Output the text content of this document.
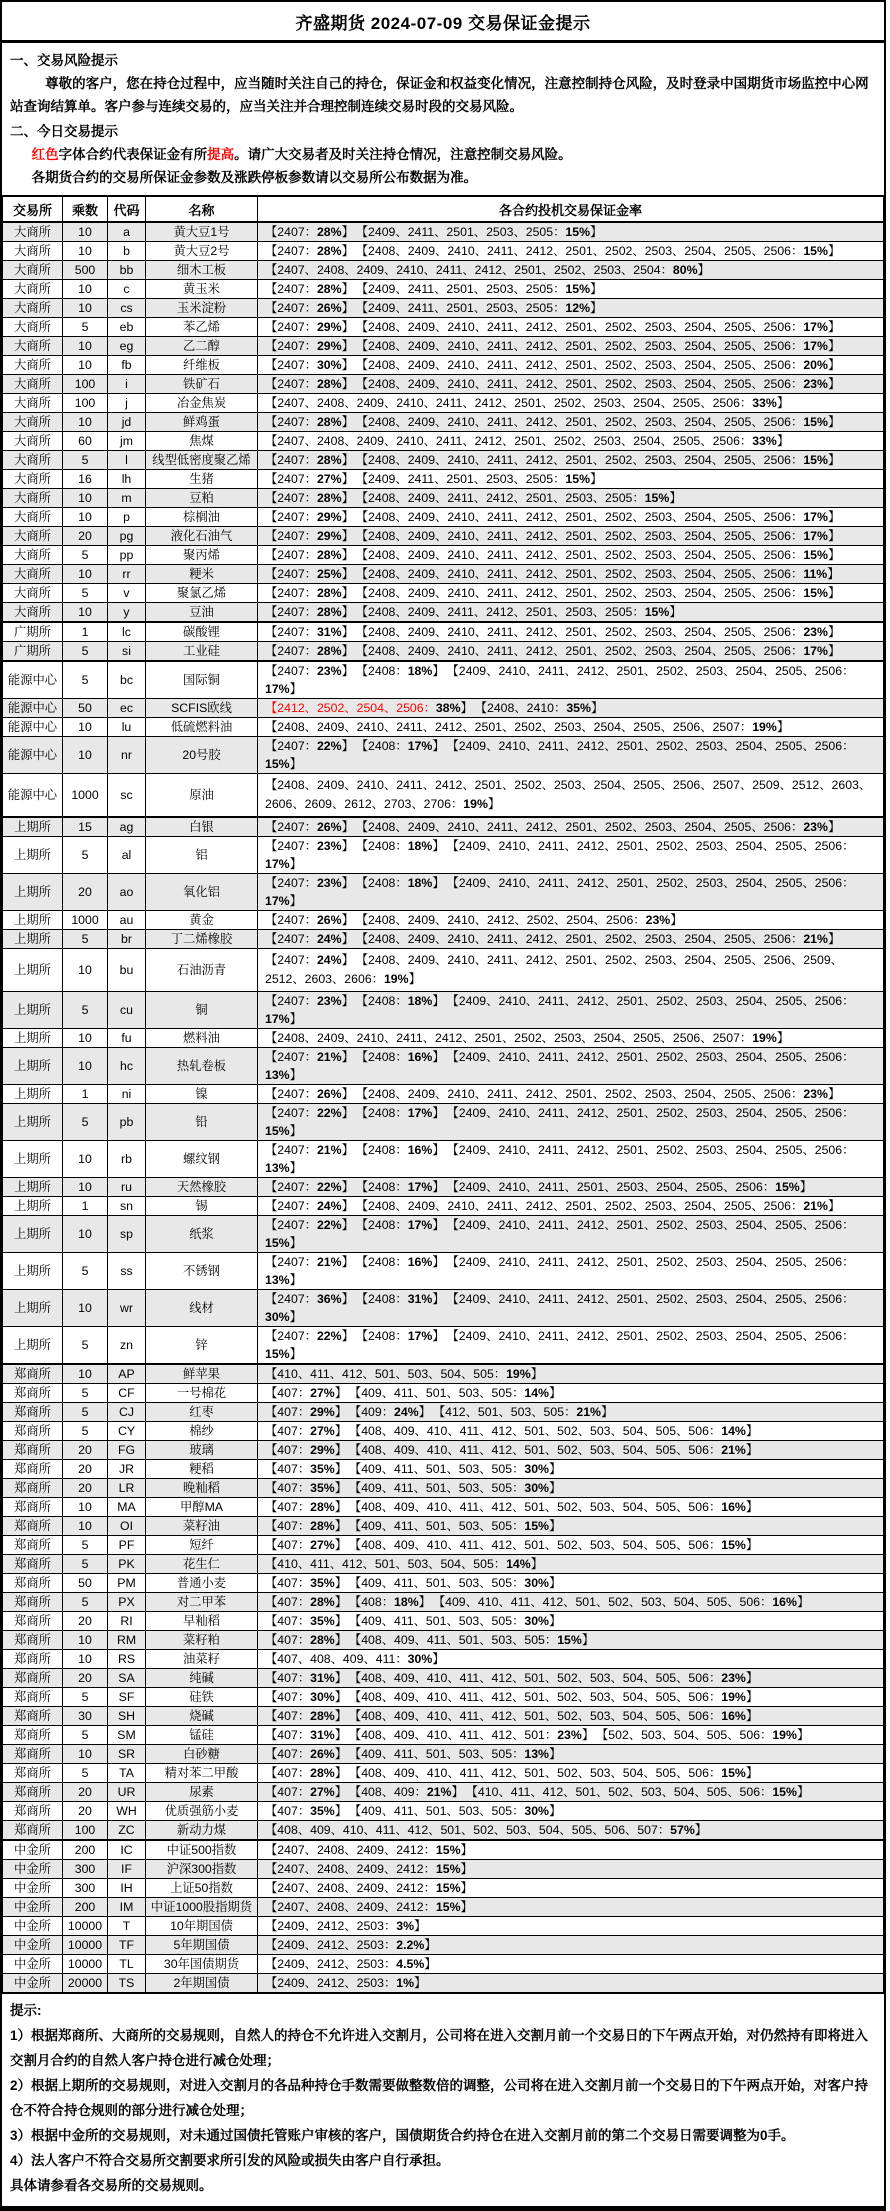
齐盛期货 2024-07-09 交易保证金提示

一、交易风险提示

尊敬的客户，您在持仓过程中，应当随时关注自己的持仓，保证金和权益变化情况，注意控制持仓风险，及时登录中国期货市场监控中心网站查询结算单。客户参与连续交易的，应当关注并合理控制连续交易时段的交易风险。

二、今日交易提示

红色字体合约代表保证金有所提高。请广大交易者及时关注持仓情况，注意控制交易风险。

各期货合约的交易所保证金参数及涨跌停板参数请以交易所公布数据为准。

交易所	乘数	代码	名称	各合约投机交易保证金率
大商所	10	a	黄大豆1号	【2407：28%】 【2409、2411、2501、2503、2505：15%】
大商所	10	b	黄大豆2号	【2407：28%】 【2408、2409、2410、2411、2412、2501、2502、2503、2504、2505、2506：15%】
大商所	500	bb	细木工板	【2407、2408、2409、2410、2411、2412、2501、2502、2503、2504：80%】
大商所	10	c	黄玉米	【2407：28%】 【2409、2411、2501、2503、2505：15%】
大商所	10	cs	玉米淀粉	【2407：26%】 【2409、2411、2501、2503、2505：12%】
大商所	5	eb	苯乙烯	【2407：29%】 【2408、2409、2410、2411、2412、2501、2502、2503、2504、2505、2506：17%】
大商所	10	eg	乙二醇	【2407：29%】 【2408、2409、2410、2411、2412、2501、2502、2503、2504、2505、2506：17%】
大商所	10	fb	纤维板	【2407：30%】 【2408、2409、2410、2411、2412、2501、2502、2503、2504、2505、2506：20%】
大商所	100	i	铁矿石	【2407：28%】 【2408、2409、2410、2411、2412、2501、2502、2503、2504、2505、2506：23%】
大商所	100	j	冶金焦炭	【2407、2408、2409、2410、2411、2412、2501、2502、2503、2504、2505、2506：33%】
大商所	10	jd	鲜鸡蛋	【2407：28%】 【2408、2409、2410、2411、2412、2501、2502、2503、2504、2505、2506：15%】
大商所	60	jm	焦煤	【2407、2408、2409、2410、2411、2412、2501、2502、2503、2504、2505、2506：33%】
大商所	5	l	线型低密度聚乙烯	【2407：28%】 【2408、2409、2410、2411、2412、2501、2502、2503、2504、2505、2506：15%】
大商所	16	lh	生猪	【2407：27%】 【2409、2411、2501、2503、2505：15%】
大商所	10	m	豆粕	【2407：28%】 【2408、2409、2411、2412、2501、2503、2505：15%】
大商所	10	p	棕榈油	【2407：29%】 【2408、2409、2410、2411、2412、2501、2502、2503、2504、2505、2506：17%】
大商所	20	pg	液化石油气	【2407：29%】 【2408、2409、2410、2411、2412、2501、2502、2503、2504、2505、2506：17%】
大商所	5	pp	聚丙烯	【2407：28%】 【2408、2409、2410、2411、2412、2501、2502、2503、2504、2505、2506：15%】
大商所	10	rr	粳米	【2407：25%】 【2408、2409、2410、2411、2412、2501、2502、2503、2504、2505、2506：11%】
大商所	5	v	聚氯乙烯	【2407：28%】 【2408、2409、2410、2411、2412、2501、2502、2503、2504、2505、2506：15%】
大商所	10	y	豆油	【2407：28%】 【2408、2409、2411、2412、2501、2503、2505：15%】
广期所	1	lc	碳酸锂	【2407：31%】 【2408、2409、2410、2411、2412、2501、2502、2503、2504、2505、2506：23%】
广期所	5	si	工业硅	【2407：28%】 【2408、2409、2410、2411、2412、2501、2502、2503、2504、2505、2506：17%】
能源中心	5	bc	国际铜	【2407：23%】 【2408：18%】 【2409、2410、2411、2412、2501、2502、2503、2504、2505、2506：17%】
能源中心	50	ec	SCFIS欧线	【2412、2502、2504、2506：38%】 【2408、2410：35%】
能源中心	10	lu	低硫燃料油	【2408、2409、2410、2411、2412、2501、2502、2503、2504、2505、2506、2507：19%】
能源中心	10	nr	20号胶	【2407：22%】 【2408：17%】 【2409、2410、2411、2412、2501、2502、2503、2504、2505、2506：15%】
能源中心	1000	sc	原油	【2408、2409、2410、2411、2412、2501、2502、2503、2504、2505、2506、2507、2509、2512、2603、2606、2609、2612、2703、2706：19%】
上期所	15	ag	白银	【2407：26%】 【2408、2409、2410、2411、2412、2501、2502、2503、2504、2505、2506：23%】
上期所	5	al	铝	【2407：23%】 【2408：18%】 【2409、2410、2411、2412、2501、2502、2503、2504、2505、2506：17%】
上期所	20	ao	氧化铝	【2407：23%】 【2408：18%】 【2409、2410、2411、2412、2501、2502、2503、2504、2505、2506：17%】
上期所	1000	au	黄金	【2407：26%】 【2408、2409、2410、2412、2502、2504、2506：23%】
上期所	5	br	丁二烯橡胶	【2407：24%】 【2408、2409、2410、2411、2412、2501、2502、2503、2504、2505、2506：21%】
上期所	10	bu	石油沥青	【2407：24%】 【2408、2409、2410、2411、2412、2501、2502、2503、2504、2505、2506、2509、2512、2603、2606：19%】
上期所	5	cu	铜	【2407：23%】 【2408：18%】 【2409、2410、2411、2412、2501、2502、2503、2504、2505、2506：17%】
上期所	10	fu	燃料油	【2408、2409、2410、2411、2412、2501、2502、2503、2504、2505、2506、2507：19%】
上期所	10	hc	热轧卷板	【2407：21%】 【2408：16%】 【2409、2410、2411、2412、2501、2502、2503、2504、2505、2506：13%】
上期所	1	ni	镍	【2407：26%】 【2408、2409、2410、2411、2412、2501、2502、2503、2504、2505、2506：23%】
上期所	5	pb	铅	【2407：22%】 【2408：17%】 【2409、2410、2411、2412、2501、2502、2503、2504、2505、2506：15%】
上期所	10	rb	螺纹钢	【2407：21%】 【2408：16%】 【2409、2410、2411、2412、2501、2502、2503、2504、2505、2506：13%】
上期所	10	ru	天然橡胶	【2407：22%】 【2408：17%】 【2409、2410、2411、2501、2503、2504、2505、2506：15%】
上期所	1	sn	锡	【2407：24%】 【2408、2409、2410、2411、2412、2501、2502、2503、2504、2505、2506：21%】
上期所	10	sp	纸浆	【2407：22%】 【2408：17%】 【2409、2410、2411、2412、2501、2502、2503、2504、2505、2506：15%】
上期所	5	ss	不锈钢	【2407：21%】 【2408：16%】 【2409、2410、2411、2412、2501、2502、2503、2504、2505、2506：13%】
上期所	10	wr	线材	【2407：36%】 【2408：31%】 【2409、2410、2411、2412、2501、2502、2503、2504、2505、2506：30%】
上期所	5	zn	锌	【2407：22%】 【2408：17%】 【2409、2410、2411、2412、2501、2502、2503、2504、2505、2506：15%】
郑商所	10	AP	鲜苹果	【410、411、412、501、503、504、505：19%】
郑商所	5	CF	一号棉花	【407：27%】 【409、411、501、503、505：14%】
郑商所	5	CJ	红枣	【407：29%】 【409：24%】 【412、501、503、505：21%】
郑商所	5	CY	棉纱	【407：27%】 【408、409、410、411、412、501、502、503、504、505、506：14%】
郑商所	20	FG	玻璃	【407：29%】 【408、409、410、411、412、501、502、503、504、505、506：21%】
郑商所	20	JR	粳稻	【407：35%】 【409、411、501、503、505：30%】
郑商所	20	LR	晚籼稻	【407：35%】 【409、411、501、503、505：30%】
郑商所	10	MA	甲醇MA	【407：28%】 【408、409、410、411、412、501、502、503、504、505、506：16%】
郑商所	10	OI	菜籽油	【407：28%】 【409、411、501、503、505：15%】
郑商所	5	PF	短纤	【407：27%】 【408、409、410、411、412、501、502、503、504、505、506：15%】
郑商所	5	PK	花生仁	【410、411、412、501、503、504、505：14%】
郑商所	50	PM	普通小麦	【407：35%】 【409、411、501、503、505：30%】
郑商所	5	PX	对二甲苯	【407：28%】 【408：18%】 【409、410、411、412、501、502、503、504、505、506：16%】
郑商所	20	RI	早籼稻	【407：35%】 【409、411、501、503、505：30%】
郑商所	10	RM	菜籽粕	【407：28%】 【408、409、411、501、503、505：15%】
郑商所	10	RS	油菜籽	【407、408、409、411：30%】
郑商所	20	SA	纯碱	【407：31%】 【408、409、410、411、412、501、502、503、504、505、506：23%】
郑商所	5	SF	硅铁	【407：30%】 【408、409、410、411、412、501、502、503、504、505、506：19%】
郑商所	30	SH	烧碱	【407：28%】 【408、409、410、411、412、501、502、503、504、505、506：16%】
郑商所	5	SM	锰硅	【407：31%】 【408、409、410、411、412、501：23%】 【502、503、504、505、506：19%】
郑商所	10	SR	白砂糖	【407：26%】 【409、411、501、503、505：13%】
郑商所	5	TA	精对苯二甲酸	【407：28%】 【408、409、410、411、412、501、502、503、504、505、506：15%】
郑商所	20	UR	尿素	【407：27%】 【408、409：21%】 【410、411、412、501、502、503、504、505、506：15%】
郑商所	20	WH	优质强筋小麦	【407：35%】 【409、411、501、503、505：30%】
郑商所	100	ZC	新动力煤	【408、409、410、411、412、501、502、503、504、505、506、507：57%】
中金所	200	IC	中证500指数	【2407、2408、2409、2412：15%】
中金所	300	IF	沪深300指数	【2407、2408、2409、2412：15%】
中金所	300	IH	上证50指数	【2407、2408、2409、2412：15%】
中金所	200	IM	中证1000股指期货	【2407、2408、2409、2412：15%】
中金所	10000	T	10年期国债	【2409、2412、2503：3%】
中金所	10000	TF	5年期国债	【2409、2412、2503：2.2%】
中金所	10000	TL	30年国债期货	【2409、2412、2503：4.5%】
中金所	20000	TS	2年期国债	【2409、2412、2503：1%】

提示:

1）根据郑商所、大商所的交易规则，自然人的持仓不允许进入交割月，公司将在进入交割月前一个交易日的下午两点开始，对仍然持有即将进入交割月合约的自然人客户持仓进行减仓处理；

2）根据上期所的交易规则，对进入交割月的各品种持仓手数需要做整数倍的调整，公司将在进入交割月前一个交易日的下午两点开始，对客户持仓不符合持仓规则的部分进行减仓处理；

3）根据中金所的交易规则，对未通过国债托管账户审核的客户，国债期货合约持仓在进入交割月前的第二个交易日需要调整为0手。

4）法人客户不符合交易所交割要求所引发的风险或损失由客户自行承担。

具体请参看各交易所的交易规则。
